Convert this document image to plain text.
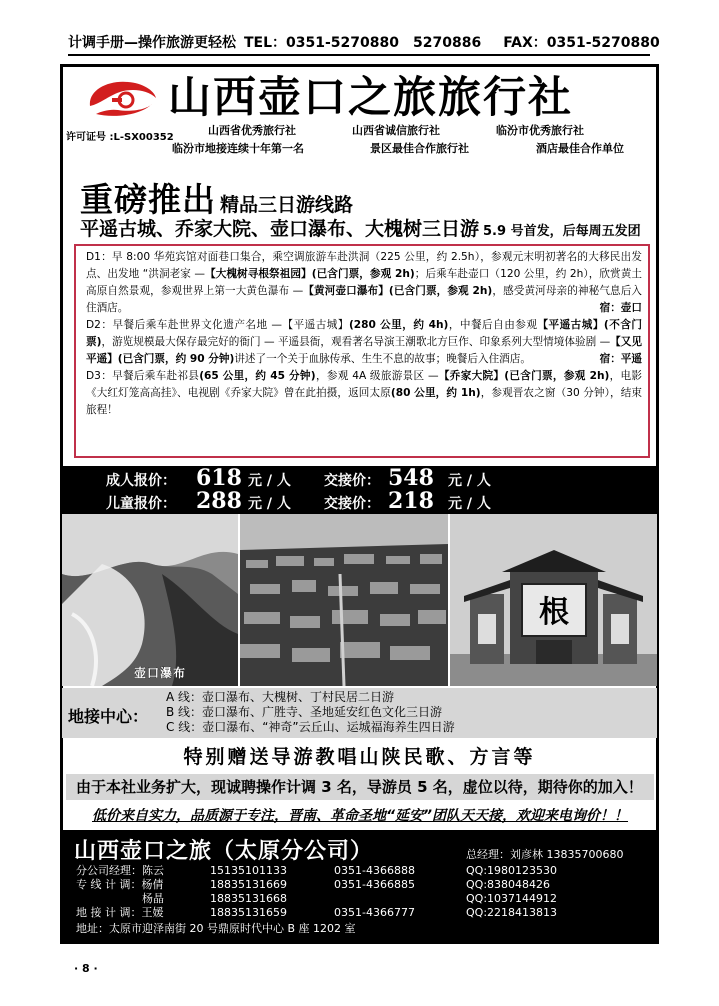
计调手册—操作旅游更轻松 TEL：0351-5270880　5270886 FAX：0351-5270880
山西壶口之旅旅行社
许可证号 :L-SX00352
山西省优秀旅行社	山西省诚信旅行社	临汾市优秀旅行社
临汾市地接连续十年第一名	景区最佳合作旅行社	酒店最佳合作单位
重磅推出 精品三日游线路
平遥古城、乔家大院、壶口瀑布、大槐树三日游 5.9 号首发，后每周五发团

D1：早 8:00 华苑宾馆对面巷口集合，乘空调旅游车赴洪洞（225 公里，约 2.5h），参观元末明初著名的大移民出发点、出发地 “洪洞老家 —【大槐树寻根祭祖园】(已含门票，参观 2h)；后乘车赴壶口（120 公里，约 2h），欣赏黄土高原自然景观，参观世界上第一大黄色瀑布 —【黄河壶口瀑布】(已含门票，参观 2h)，感受黄河母亲的神秘气息后入住酒店。	宿：壶口

D2：早餐后乘车赴世界文化遗产名地 —【平遥古城】(280 公里，约 4h)，中餐后自由参观【平遥古城】(不含门票)，游览规模最大保存最完好的衙门 — 平遥县衙，观看著名导演王潮歌北方巨作、印象系列大型情境体验剧 —【又见平遥】(已含门票，约 90 分钟)讲述了一个关于血脉传承、生生不息的故事；晚餐后入住酒店。	宿：平遥

D3：早餐后乘车赴祁县(65 公里，约 45 分钟)，参观 4A 级旅游景区 —【乔家大院】(已含门票，参观 2h)，电影《大红灯笼高高挂》、电视剧《乔家大院》曾在此拍摄，返回太原(80 公里，约 1h)，参观晋农之窗（30 分钟），结束旅程！

成人报价： 618 元 / 人 交接价： 548 元 / 人
儿童报价： 288 元 / 人 交接价： 218 元 / 人
含早餐
(壶口小交通)
壶口瀑布
根
地接中心：
A 线：壶口瀑布、大槐树、丁村民居二日游
B 线：壶口瀑布、广胜寺、圣地延安红色文化三日游
C 线：壶口瀑布、“神奇”云丘山、运城福海养生四日游
特别赠送导游教唱山陕民歌、方言等
由于本社业务扩大，现诚聘操作计调 3 名，导游员 5 名，虚位以待，期待你的加入！
低价来自实力，品质源于专注，晋南、革命圣地“延安”团队天天接，欢迎来电询价！！
山西壶口之旅（太原分公司）	总经理：刘彦林 13835700680
分公司经理：陈云	15135101133	0351-4366888	QQ:1980123530
专 线 计 调：杨倩	18835131669	0351-4366885	QQ:838048426
　　　　　　杨晶	18835131668	QQ:1037144912
地 接 计 调：王媛	18835131659	0351-4366777	QQ:2218413813
地址：太原市迎泽南街 20 号鼎原时代中心 B 座 1202 室
· 8 ·
